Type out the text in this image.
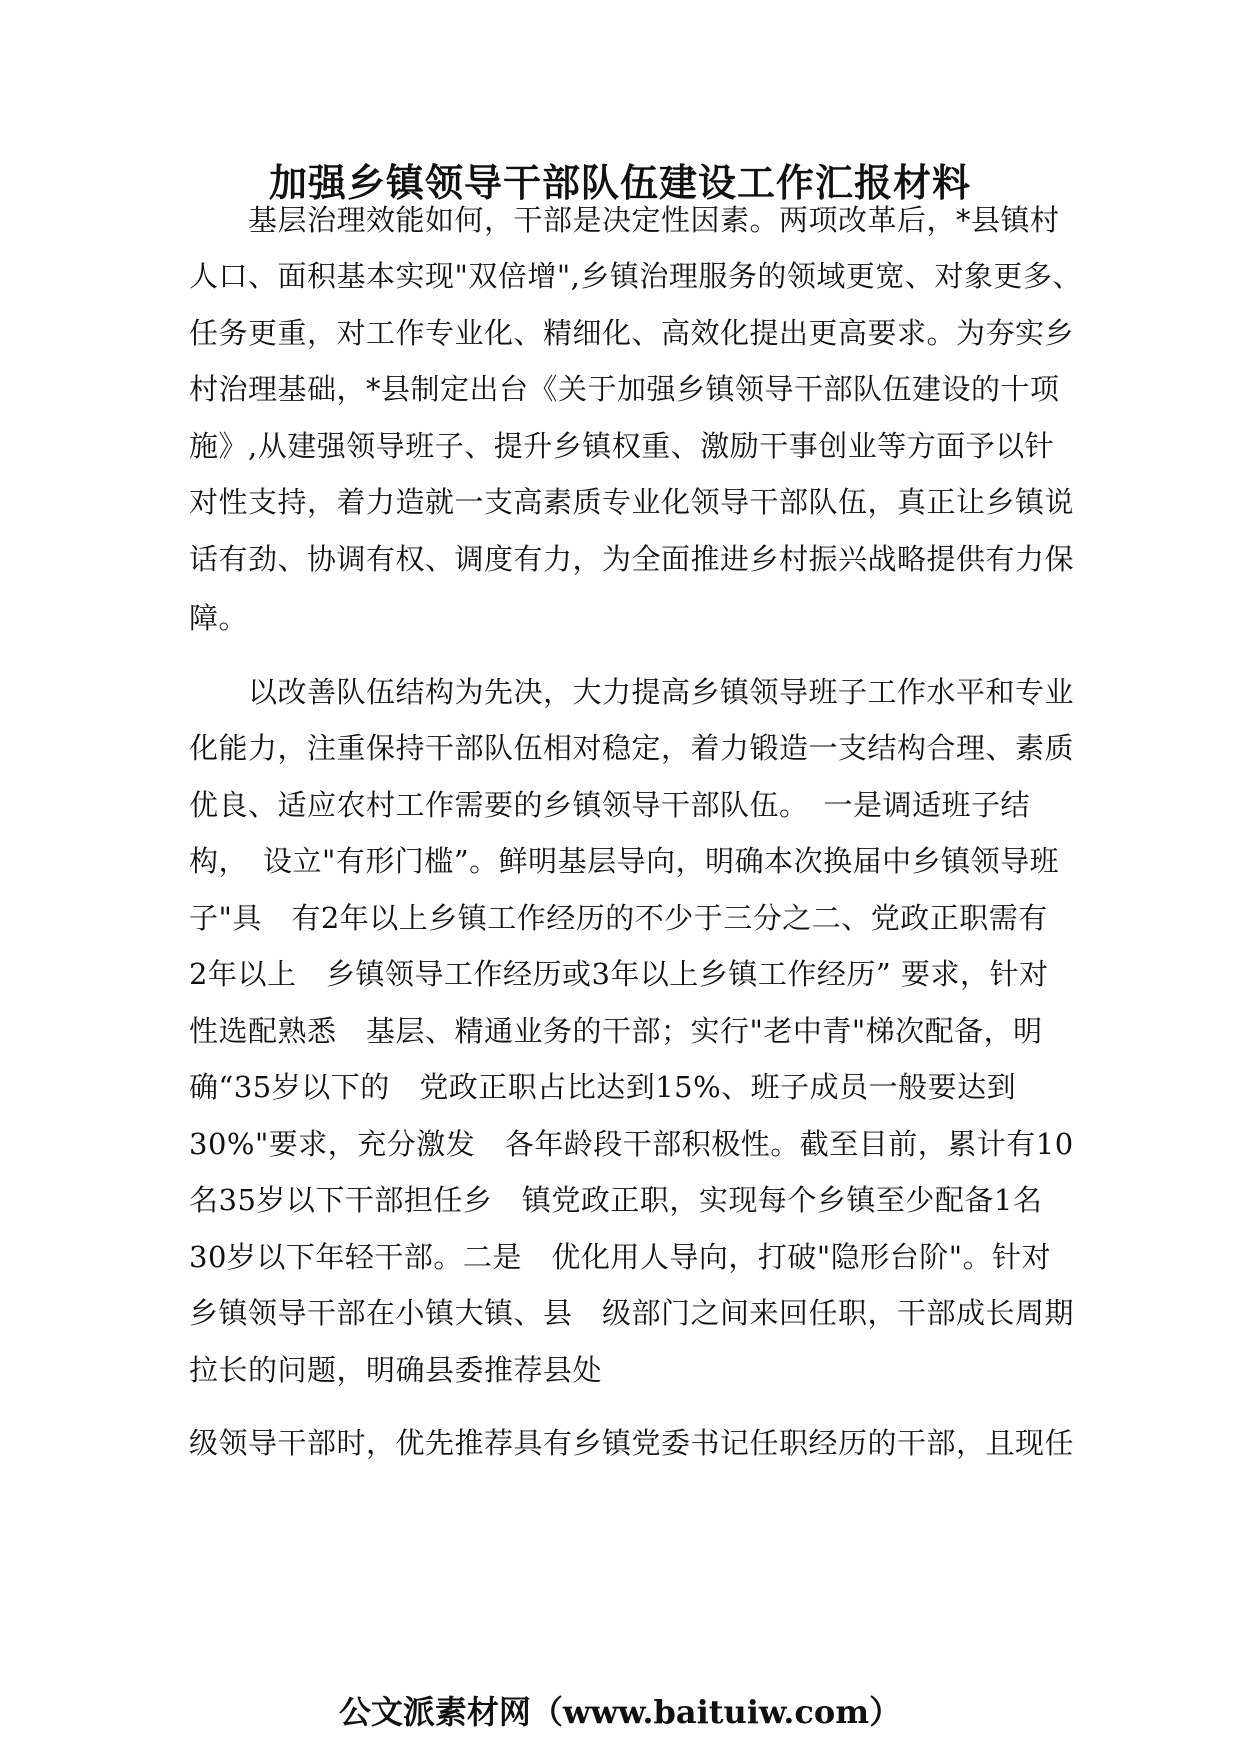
加强乡镇领导干部队伍建设工作汇报材料
　　基层治理效能如何，干部是决定性因素。两项改革后，*县镇村
人口、面积基本实现"双倍增",乡镇治理服务的领域更宽、对象更多、
任务更重，对工作专业化、精细化、高效化提出更高要求。为夯实乡
村治理基础，*县制定出台《关于加强乡镇领导干部队伍建设的十项
施》,从建强领导班子、提升乡镇权重、激励干事创业等方面予以针
对性支持，着力造就一支高素质专业化领导干部队伍，真正让乡镇说
话有劲、协调有权、调度有力，为全面推进乡村振兴战略提供有力保
障。
　　以改善队伍结构为先决，大力提高乡镇领导班子工作水平和专业
化能力，注重保持干部队伍相对稳定，着力锻造一支结构合理、素质
优良、适应农村工作需要的乡镇领导干部队伍。　一是调适班子结
构，　设立"有形门槛”。鲜明基层导向，明确本次换届中乡镇领导班
子"具　有2年以上乡镇工作经历的不少于三分之二、党政正职需有
2年以上　乡镇领导工作经历或3年以上乡镇工作经历” 要求，针对
性选配熟悉　基层、精通业务的干部；实行"老中青"梯次配备，明
确“35岁以下的　党政正职占比达到15%、班子成员一般要达到
30%"要求，充分激发　各年龄段干部积极性。截至目前，累计有10
名35岁以下干部担任乡　镇党政正职，实现每个乡镇至少配备1名
30岁以下年轻干部。二是　优化用人导向，打破"隐形台阶"。针对
乡镇领导干部在小镇大镇、县　级部门之间来回任职，干部成长周期
拉长的问题，明确县委推荐县处
级领导干部时，优先推荐具有乡镇党委书记任职经历的干部，且现任
公文派素材网（www.baituiw.com）
